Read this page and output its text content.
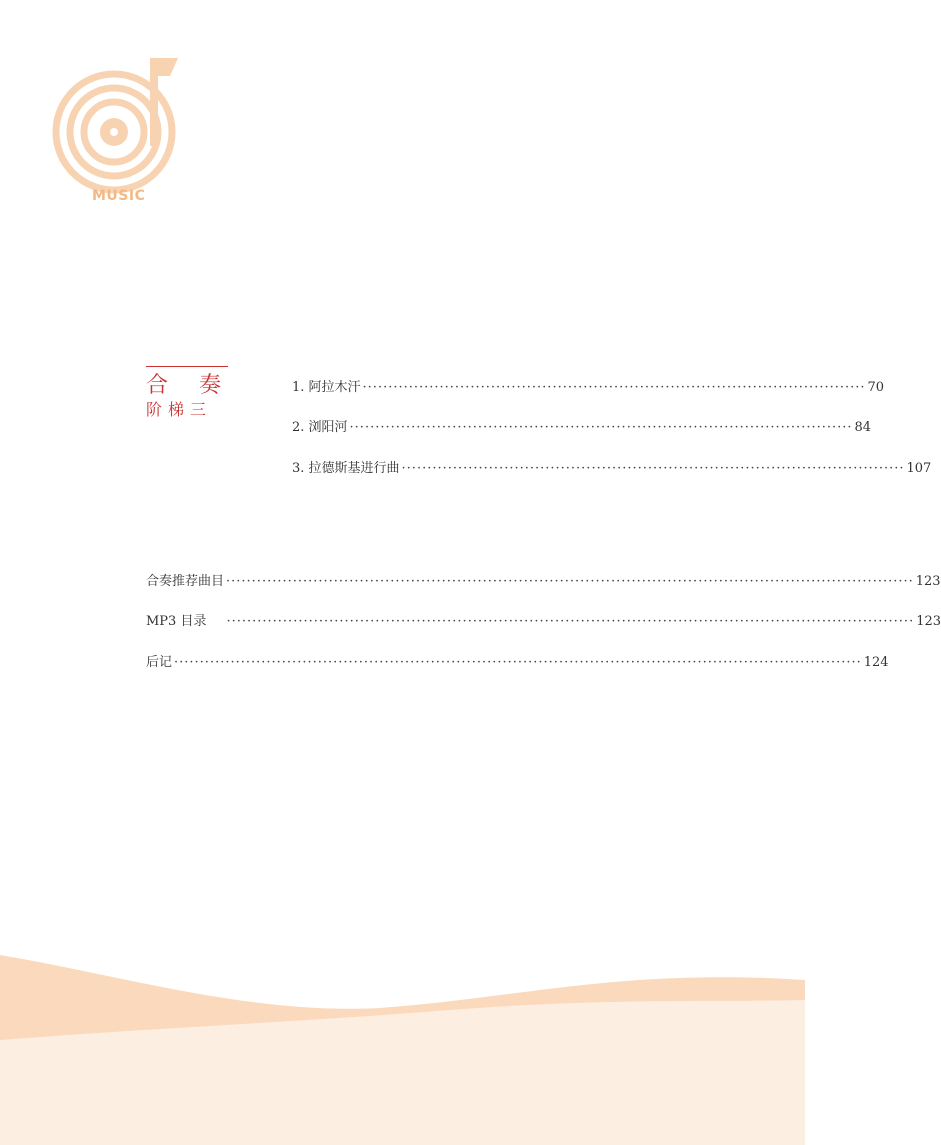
MUSIC
合 奏
阶梯三
1. 阿拉木汗 ·································································································· 70
2. 浏阳河 ·································································································· 84
3. 拉德斯基进行曲 ·································································································· 107
合奏推荐曲目 ······································································································································ 123
MP3 目录 ······································································································································ 123
后记 ······································································································································ 124
